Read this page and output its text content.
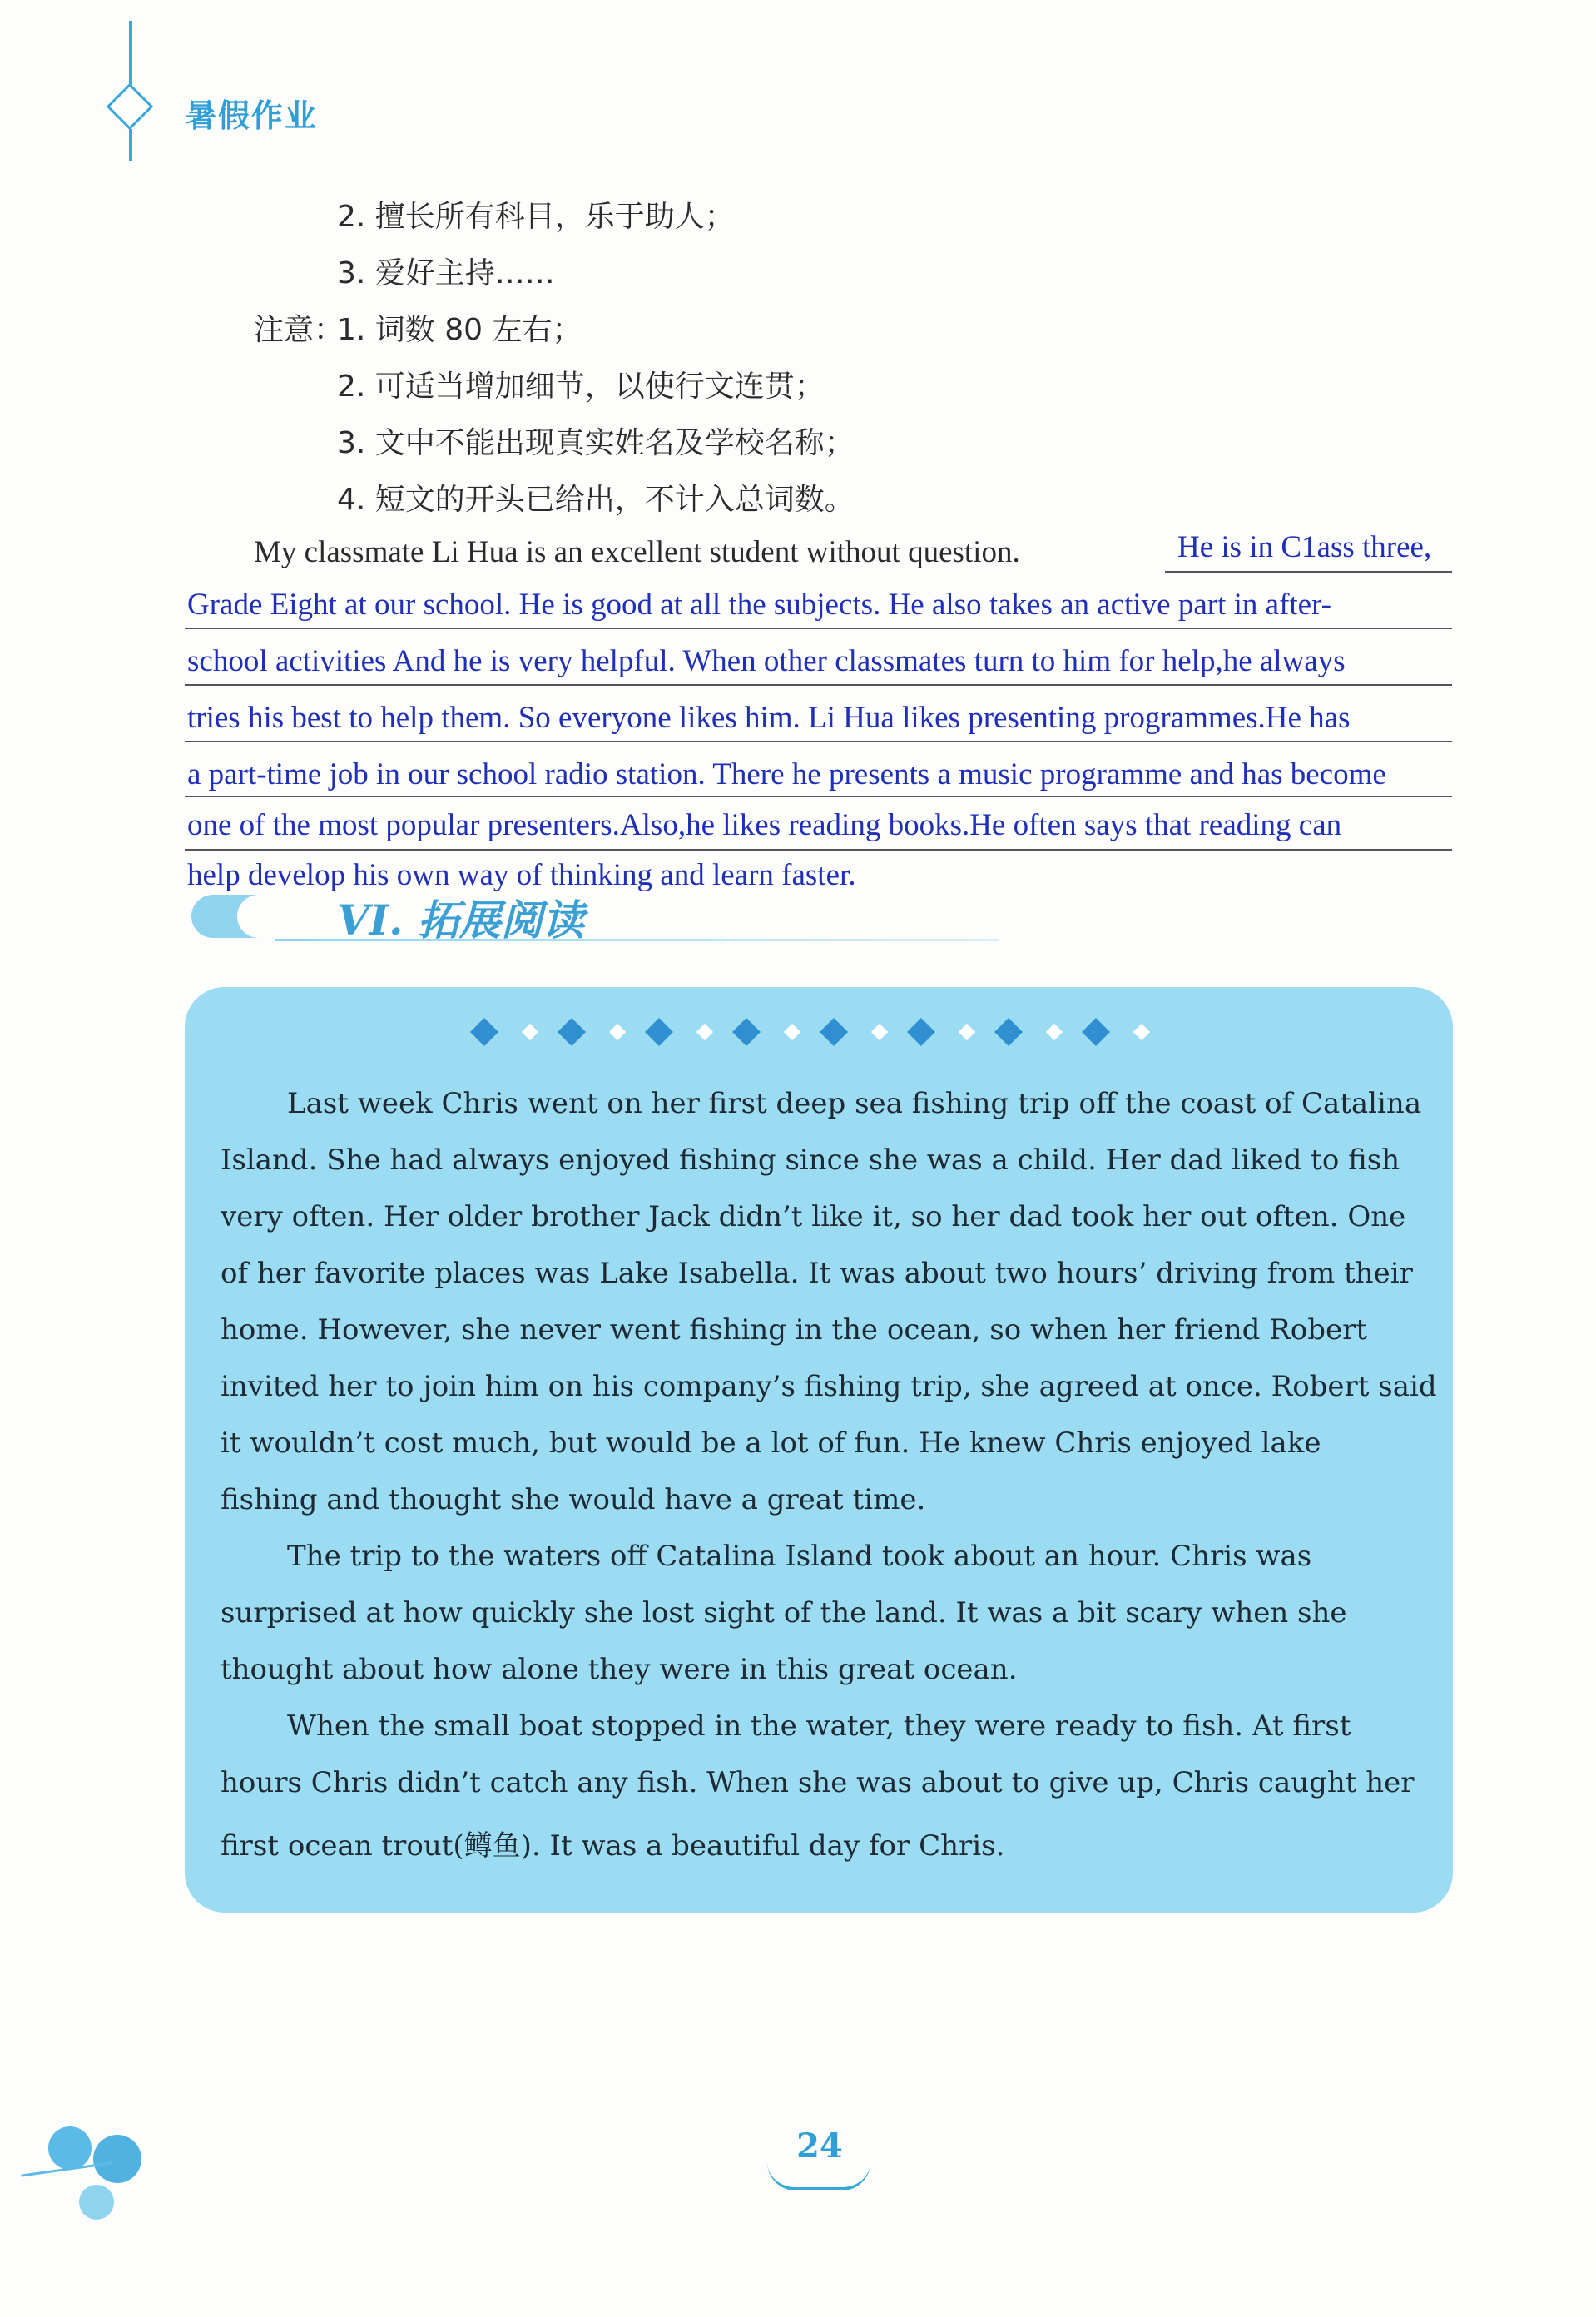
暑假作业
2. 擅长所有科目，乐于助人；
3. 爱好主持……
注意：
1. 词数 80 左右；
2. 可适当增加细节，以使行文连贯；
3. 文中不能出现真实姓名及学校名称；
4. 短文的开头已给出，不计入总词数。
My classmate Li Hua is an excellent student without question.	He is in C1ass three,
Grade Eight at our school. He is good at all the subjects. He also takes an active part in after-
school activities And he is very helpful. When other classmates turn to him for help,he always
tries his best to help them. So everyone likes him. Li Hua likes presenting programmes.He has
a part-time job in our school radio station. There he presents a music programme and has become
one of the most popular presenters.Also,he likes reading books.He often says that reading can
help develop his own way of thinking and learn faster.
VI. 拓展阅读
Last week Chris went on her first deep sea fishing trip off the coast of Catalina
Island. She had always enjoyed fishing since she was a child. Her dad liked to fish
very often. Her older brother Jack didn’t like it, so her dad took her out often. One
of her favorite places was Lake Isabella. It was about two hours’ driving from their
home. However, she never went fishing in the ocean, so when her friend Robert
invited her to join him on his company’s fishing trip, she agreed at once. Robert said
it wouldn’t cost much, but would be a lot of fun. He knew Chris enjoyed lake
fishing and thought she would have a great time.
The trip to the waters off Catalina Island took about an hour. Chris was
surprised at how quickly she lost sight of the land. It was a bit scary when she
thought about how alone they were in this great ocean.
When the small boat stopped in the water, they were ready to fish. At first
hours Chris didn’t catch any fish. When she was about to give up, Chris caught her
first ocean trout(鳟鱼). It was a beautiful day for Chris.
24
